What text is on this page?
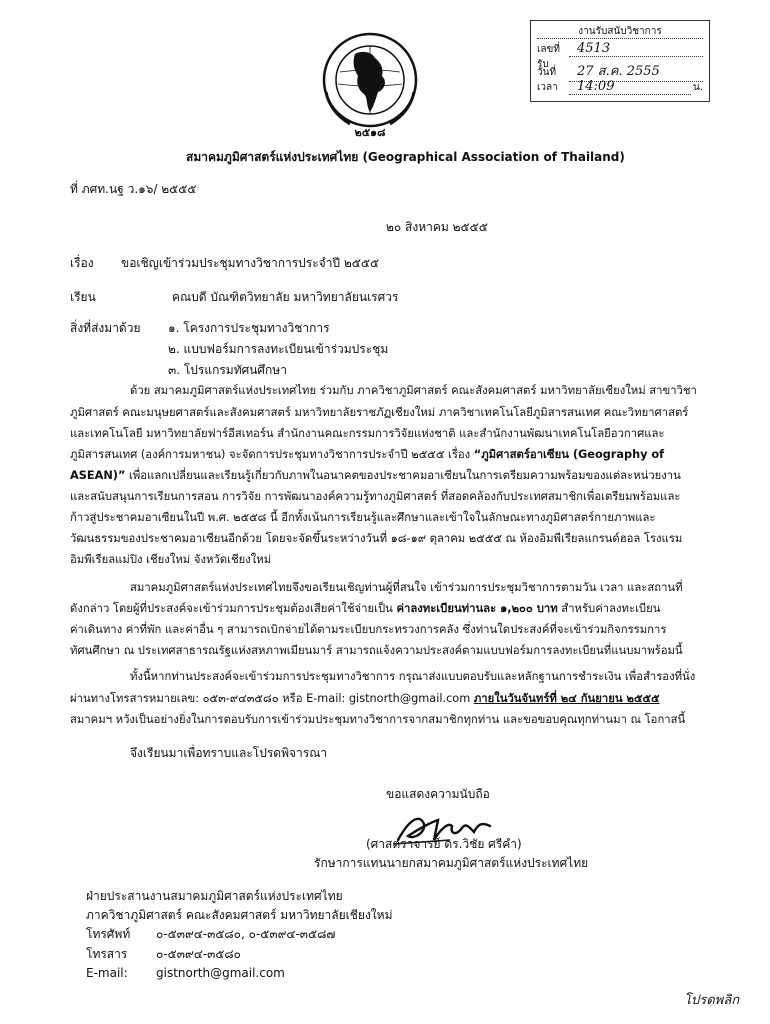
๒๕๑๘
งานรับสนับวิชาการ
เลขที่รับ
4513
วันที่	27 ส.ค. 2555
เวลา	14:09	น.
สมาคมภูมิศาสตร์แห่งประเทศไทย (Geographical Association of Thailand)
ที่ ภศท.นฐ ว.๑๖/ ๒๕๕๕
๒๐ สิงหาคม ๒๕๕๕
เรื่อง ขอเชิญเข้าร่วมประชุมทางวิชาการประจำปี ๒๕๕๕
เรียน	คณบดี บัณฑิตวิทยาลัย มหาวิทยาลัยนเรศวร
สิ่งที่ส่งมาด้วย ๑. โครงการประชุมทางวิชาการ
๒. แบบฟอร์มการลงทะเบียนเข้าร่วมประชุม
๓. โปรแกรมทัศนศึกษา
ด้วย สมาคมภูมิศาสตร์แห่งประเทศไทย ร่วมกับ ภาควิชาภูมิศาสตร์ คณะสังคมศาสตร์ มหาวิทยาลัยเชียงใหม่ สาขาวิชา
ภูมิศาสตร์ คณะมนุษยศาสตร์และสังคมศาสตร์ มหาวิทยาลัยราชภัฏเชียงใหม่ ภาควิชาเทคโนโลยีภูมิสารสนเทศ คณะวิทยาศาสตร์
และเทคโนโลยี มหาวิทยาลัยฟาร์อีสเทอร์น สำนักงานคณะกรรมการวิจัยแห่งชาติ และสำนักงานพัฒนาเทคโนโลยีอวกาศและ
ภูมิสารสนเทศ (องค์การมหาชน) จะจัดการประชุมทางวิชาการประจำปี ๒๕๕๕ เรื่อง “ภูมิศาสตร์อาเซียน (Geography of
ASEAN)” เพื่อแลกเปลี่ยนและเรียนรู้เกี่ยวกับภาพในอนาคตของประชาคมอาเซียนในการเตรียมความพร้อมของแต่ละหน่วยงาน
และสนับสนุนการเรียนการสอน การวิจัย การพัฒนาองค์ความรู้ทางภูมิศาสตร์ ที่สอดคล้องกับประเทศสมาชิกเพื่อเตรียมพร้อมและ
ก้าวสู่ประชาคมอาเซียนในปี พ.ศ. ๒๕๕๘ นี้ อีกทั้งเน้นการเรียนรู้และศึกษาและเข้าใจในลักษณะทางภูมิศาสตร์กายภาพและ
วัฒนธรรมของประชาคมอาเซียนอีกด้วย โดยจะจัดขึ้นระหว่างวันที่ ๑๘-๑๙ ตุลาคม ๒๕๕๕ ณ ห้องอิมพีเรียลแกรนด์ฮอล โรงแรม
อิมพีเรียลแม่ปิง เชียงใหม่ จังหวัดเชียงใหม่
สมาคมภูมิศาสตร์แห่งประเทศไทยจึงขอเรียนเชิญท่านผู้ที่สนใจ เข้าร่วมการประชุมวิชาการตามวัน เวลา และสถานที่
ดังกล่าว โดยผู้ที่ประสงค์จะเข้าร่วมการประชุมต้องเสียค่าใช้จ่ายเป็น ค่าลงทะเบียนท่านละ ๑,๒๐๐ บาท สำหรับค่าลงทะเบียน
ค่าเดินทาง ค่าที่พัก และค่าอื่น ๆ สามารถเบิกจ่ายได้ตามระเบียบกระทรวงการคลัง ซึ่งท่านใดประสงค์ที่จะเข้าร่วมกิจกรรมการ
ทัศนศึกษา ณ ประเทศสาธารณรัฐแห่งสหภาพเมียนมาร์ สามารถแจ้งความประสงค์ตามแบบฟอร์มการลงทะเบียนที่แนบมาพร้อมนี้
ทั้งนี้หากท่านประสงค์จะเข้าร่วมการประชุมทางวิชาการ กรุณาส่งแบบตอบรับและหลักฐานการชำระเงิน เพื่อสำรองที่นั่ง
ผ่านทางโทรสารหมายเลข: ๐๕๓-๙๔๓๕๘๐ หรือ E-mail: gistnorth@gmail.com ภายในวันจันทร์ที่ ๒๔ กันยายน ๒๕๕๕
สมาคมฯ หวังเป็นอย่างยิ่งในการตอบรับการเข้าร่วมประชุมทางวิชาการจากสมาชิกทุกท่าน และขอขอบคุณทุกท่านมา ณ โอกาสนี้
จึงเรียนมาเพื่อทราบและโปรดพิจารณา
ขอแสดงความนับถือ
(ศาสตราจารย์ ดร.วิชัย ศรีคำ)
รักษาการแทนนายกสมาคมภูมิศาสตร์แห่งประเทศไทย
ฝ่ายประสานงานสมาคมภูมิศาสตร์แห่งประเทศไทย
ภาควิชาภูมิศาสตร์ คณะสังคมศาสตร์ มหาวิทยาลัยเชียงใหม่
โทรศัพท์ ๐-๕๓๙๔-๓๕๘๐, ๐-๕๓๙๔-๓๕๘๗
โทรสาร ๐-๕๓๙๔-๓๕๘๐
E-mail: gistnorth@gmail.com
โปรดพลิก
